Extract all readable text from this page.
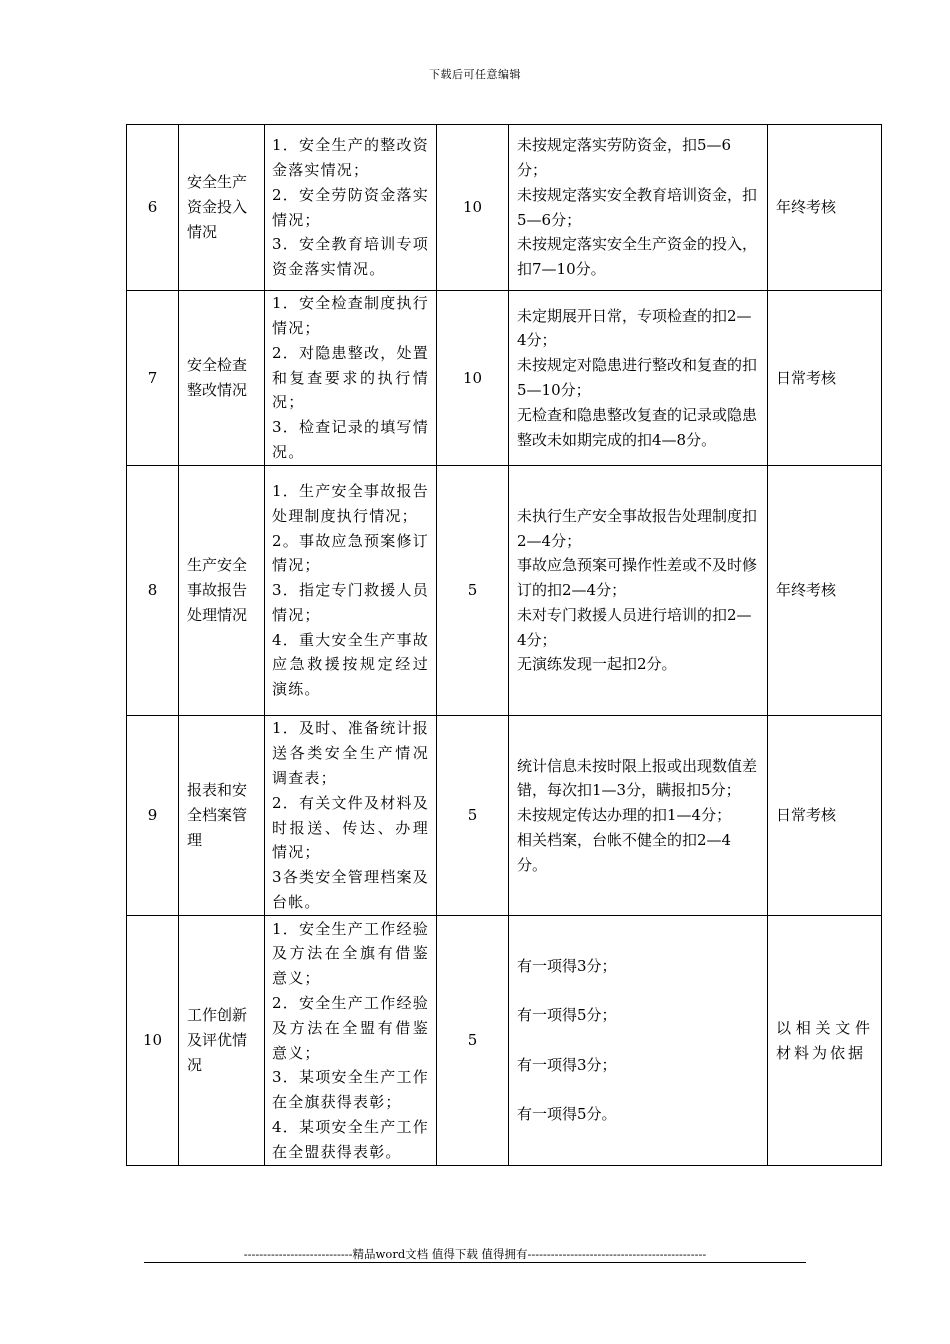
下载后可任意编辑
6	安全生产资金投入情况	1．安全生产的整改资金落实情况；
2．安全劳防资金落实情况；
3．安全教育培训专项资金落实情况。	10	未按规定落实劳防资金，扣5—6分；
未按规定落实安全教育培训资金，扣5—6分；
未按规定落实安全生产资金的投入，扣7—10分。	年终考核
7	安全检查整改情况	1．安全检查制度执行情况；
2．对隐患整改，处置和复查要求的执行情况；
3．检查记录的填写情况。	10	未定期展开日常，专项检查的扣2—4分；
未按规定对隐患进行整改和复查的扣5—10分；
无检查和隐患整改复查的记录或隐患整改未如期完成的扣4—8分。	日常考核
8	生产安全事故报告处理情况	1．生产安全事故报告处理制度执行情况；
2。事故应急预案修订情况；
3．指定专门救援人员情况；
4．重大安全生产事故应急救援按规定经过演练。	5	未执行生产安全事故报告处理制度扣2—4分；
事故应急预案可操作性差或不及时修订的扣2—4分；
未对专门救援人员进行培训的扣2—4分；
无演练发现一起扣2分。	年终考核
9	报表和安全档案管理	1．及时、准备统计报送各类安全生产情况调查表；
2．有关文件及材料及时报送、传达、办理情况；
3各类安全管理档案及台帐。	5	统计信息未按时限上报或出现数值差错，每次扣1—3分，瞒报扣5分；
未按规定传达办理的扣1—4分；
相关档案，台帐不健全的扣2—4分。	日常考核
10	工作创新及评优情况	1．安全生产工作经验及方法在全旗有借鉴意义；
2．安全生产工作经验及方法在全盟有借鉴意义；
3．某项安全生产工作在全旗获得表彰；
4．某项安全生产工作在全盟获得表彰。	5	有一项得3分；
有一项得5分；
有一项得3分；
有一项得5分。	以相关文件材料为依据
----------------------------精品word文档 值得下载 值得拥有----------------------------------------------
